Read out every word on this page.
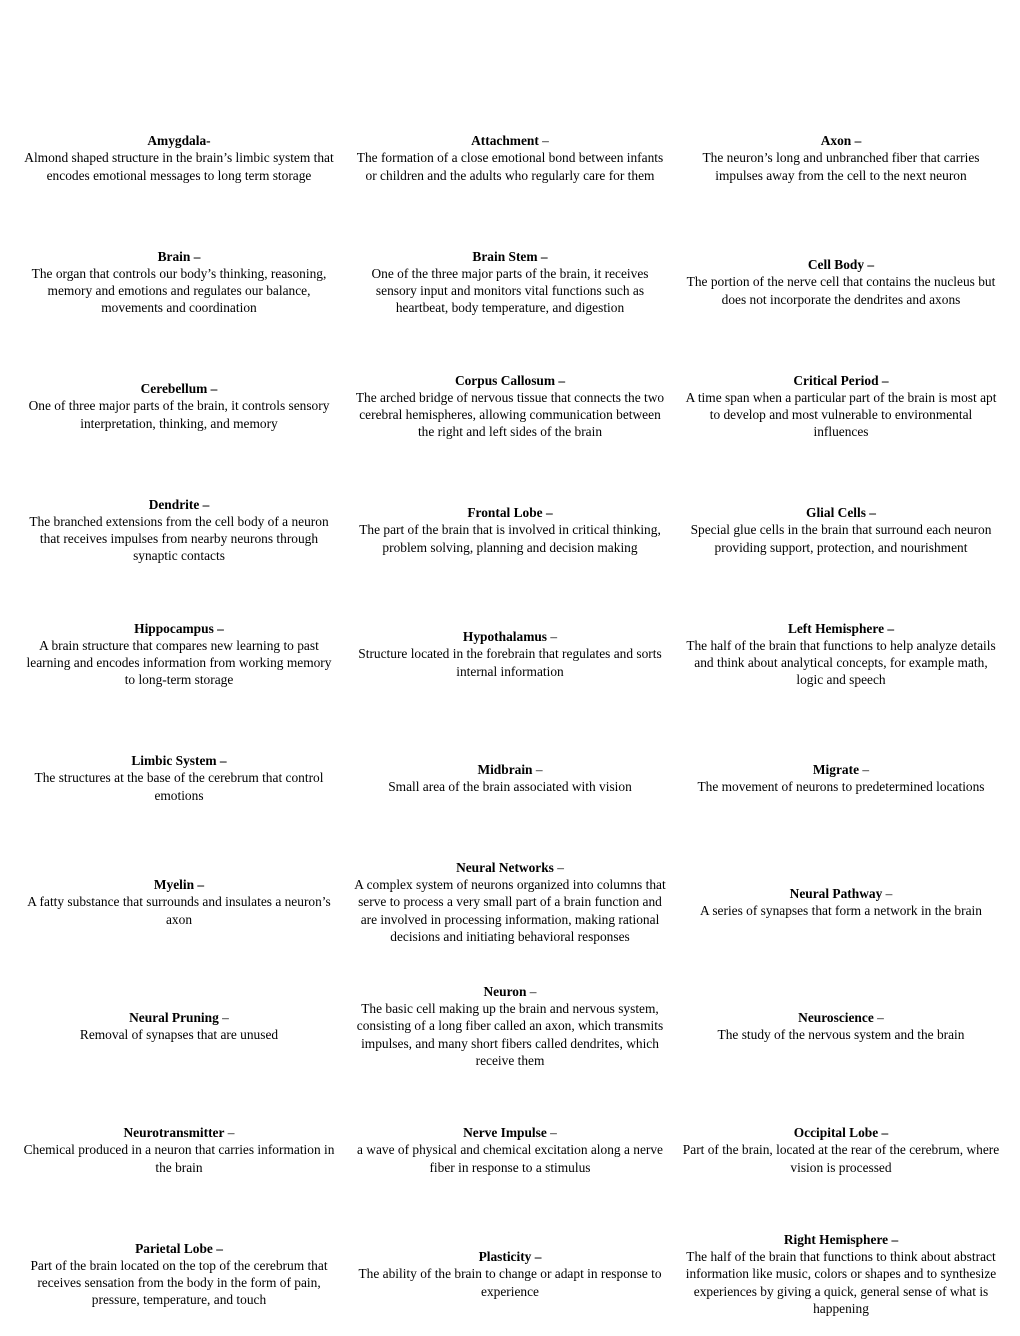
Amygdala-
Almond shaped structure in the brain’s limbic system that encodes emotional messages to long term storage
Attachment –
The formation of a close emotional bond between infants or children and the adults who regularly care for them
Axon –
The neuron’s long and unbranched fiber that carries impulses away from the cell to the next neuron
Brain –
The organ that controls our body’s thinking, reasoning, memory and emotions and regulates our balance, movements and coordination
Brain Stem –
One of the three major parts of the brain, it receives sensory input and monitors vital functions such as heartbeat, body temperature, and digestion
Cell Body –
The portion of the nerve cell that contains the nucleus but does not incorporate the dendrites and axons
Cerebellum –
One of three major parts of the brain, it controls sensory interpretation, thinking, and memory
Corpus Callosum –
The arched bridge of nervous tissue that connects the two cerebral hemispheres, allowing communication between the right and left sides of the brain
Critical Period –
A time span when a particular part of the brain is most apt to develop and most vulnerable to environmental influences
Dendrite –
The branched extensions from the cell body of a neuron that receives impulses from nearby neurons through synaptic contacts
Frontal Lobe –
The part of the brain that is involved in critical thinking, problem solving, planning and decision making
Glial Cells –
Special glue cells in the brain that surround each neuron providing support, protection, and nourishment
Hippocampus –
A brain structure that compares new learning to past learning and encodes information from working memory to long-term storage
Hypothalamus –
Structure located in the forebrain that regulates and sorts internal information
Left Hemisphere –
The half of the brain that functions to help analyze details and think about analytical concepts, for example math, logic and speech
Limbic System –
The structures at the base of the cerebrum that control emotions
Midbrain –
Small area of the brain associated with vision
Migrate –
The movement of neurons to predetermined locations
Myelin –
A fatty substance that surrounds and insulates a neuron’s axon
Neural Networks –
A complex system of neurons organized into columns that serve to process a very small part of a brain function and are involved in processing information, making rational decisions and initiating behavioral responses
Neural Pathway –
A series of synapses that form a network in the brain
Neural Pruning –
Removal of synapses that are unused
Neuron –
The basic cell making up the brain and nervous system, consisting of a long fiber called an axon, which transmits impulses, and many short fibers called dendrites, which receive them
Neuroscience –
The study of the nervous system and the brain
Neurotransmitter –
Chemical produced in a neuron that carries information in the brain
Nerve Impulse –
a wave of physical and chemical excitation along a nerve fiber in response to a stimulus
Occipital Lobe –
Part of the brain, located at the rear of the cerebrum, where vision is processed
Parietal Lobe –
Part of the brain located on the top of the cerebrum that receives sensation from the body in the form of pain, pressure, temperature, and touch
Plasticity –
The ability of the brain to change or adapt in response to experience
Right Hemisphere –
The half of the brain that functions to think about abstract information like music, colors or shapes and to synthesize experiences by giving a quick, general sense of what is happening
